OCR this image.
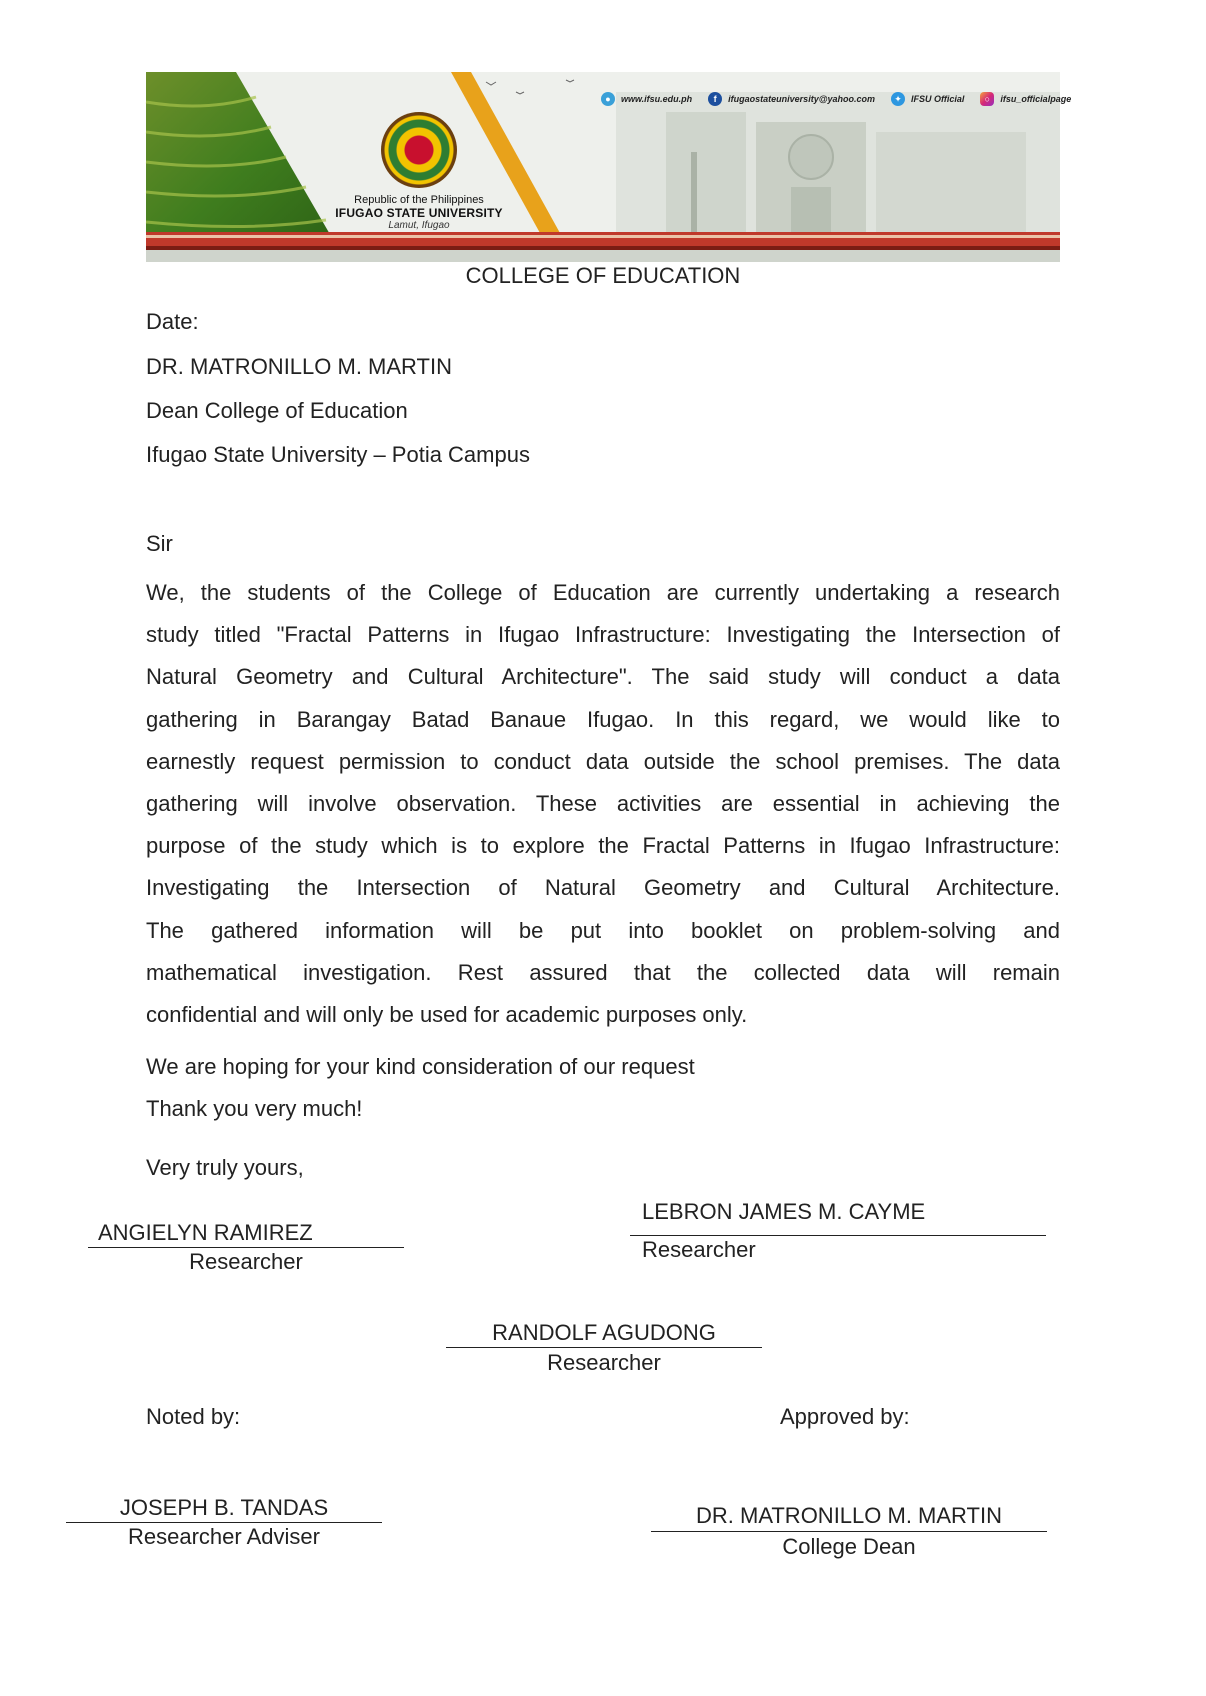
●	www.ifsu.edu.ph	f	ifugaostateuniversity@yahoo.com	✦	IFSU Official	○	ifsu_officialpage
Republic of the Philippines
IFUGAO STATE UNIVERSITY
Lamut, Ifugao
COLLEGE OF EDUCATION
Date:
DR. MATRONILLO M. MARTIN
Dean College of Education
Ifugao State University – Potia Campus
Sir
We, the students of the College of Education are currently undertaking a research
study titled "Fractal Patterns in Ifugao Infrastructure: Investigating the Intersection of
Natural Geometry and Cultural Architecture". The said study will conduct a data
gathering in Barangay Batad Banaue Ifugao. In this regard, we would like to
earnestly request permission to conduct data outside the school premises. The data
gathering will involve observation. These activities are essential in achieving the
purpose of the study which is to explore the Fractal Patterns in Ifugao Infrastructure:
Investigating the Intersection of Natural Geometry and Cultural Architecture.
The gathered information will be put into booklet on problem-solving and
mathematical investigation. Rest assured that the collected data will remain
confidential and will only be used for academic purposes only.
We are hoping for your kind consideration of our request
Thank you very much!
Very truly yours,
ANGIELYN RAMIREZ
Researcher
LEBRON JAMES M. CAYME
Researcher
RANDOLF AGUDONG
Researcher
Noted by:	Approved by:
JOSEPH B. TANDAS
Researcher Adviser
DR. MATRONILLO M. MARTIN
College Dean
